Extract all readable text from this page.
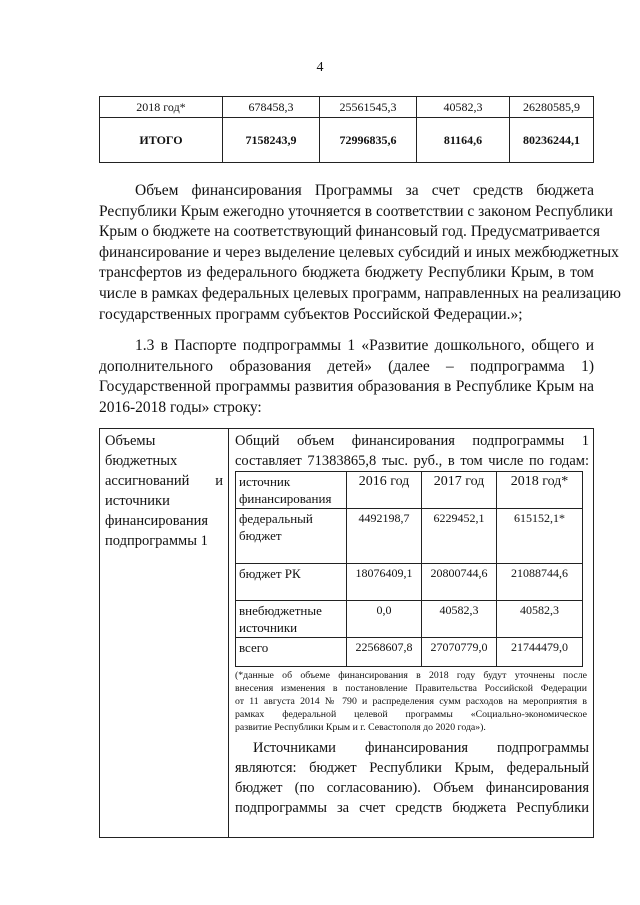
4
2018 год*	678458,3	25561545,3	40582,3	26280585,9
ИТОГО	7158243,9	72996835,6	81164,6	80236244,1
Объем финансирования Программы за счет средств бюджета
Республики Крым ежегодно уточняется в соответствии с законом Республики
Крым о бюджете на соответствующий финансовый год. Предусматривается
финансирование и через выделение целевых субсидий и иных межбюджетных
трансфертов из федерального бюджета бюджету Республики Крым, в том
числе в рамках федеральных целевых программ, направленных на реализацию
государственных программ субъектов Российской Федерации.»;
1.3 в Паспорте подпрограммы 1 «Развитие дошкольного, общего и
дополнительного образования детей» (далее – подпрограмма 1)
Государственной программы развития образования в Республике Крым на
2016-2018 годы» строку:
Объемы
бюджетных
ассигнований и
источники
финансирования
подпрограммы 1

Общий объем финансирования подпрограммы 1
составляет 71383865,8 тыс. руб., в том числе по годам:
источник финансирования	2016 год	2017 год	2018 год*
федеральный бюджет	4492198,7	6229452,1	615152,1*
бюджет РК	18076409,1	20800744,6	21088744,6
внебюджетные источники	0,0	40582,3	40582,3
всего	22568607,8	27070779,0	21744479,0
(*данные об объеме финансирования в 2018 году будут уточнены после
внесения изменения в постановление Правительства Российской Федерации
от 11 августа 2014 № 790 и распределения сумм расходов на мероприятия в
рамках федеральной целевой программы «Социально-экономическое
развитие Республики Крым и г. Севастополя до 2020 года»).
Источниками финансирования подпрограммы
являются: бюджет Республики Крым, федеральный
бюджет (по согласованию). Объем финансирования
подпрограммы за счет средств бюджета Республики
